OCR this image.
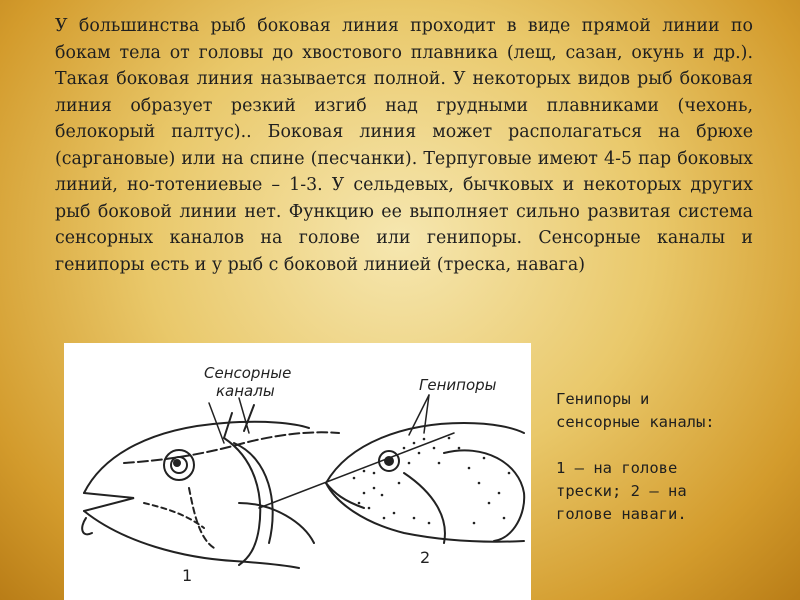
У большинства рыб боковая линия проходит в виде прямой линии по бокам тела от головы до хвостового плавника (лещ, сазан, окунь и др.). Такая боковая линия называется полной. У некоторых видов рыб боковая линия образует резкий изгиб над грудными плавниками (чехонь, белокорый палтус).. Боковая линия может располагаться на брюхе (саргановые) или на спине (песчанки). Терпуговые имеют 4-5 пар боковых линий, но-тотениевые – 1-3. У сельдевых, бычковых и некоторых других рыб боковой линии нет. Функцию ее выполняет сильно развитая система сенсорных каналов на голове или генипоры. Сенсорные каналы и генипоры есть и у рыб с боковой линией (треска, навага)

Сенсорные
каналы	Генипоры
1
2

Генипоры и

сенсорные каналы:

1 – на голове

трески; 2 – на

голове наваги.
